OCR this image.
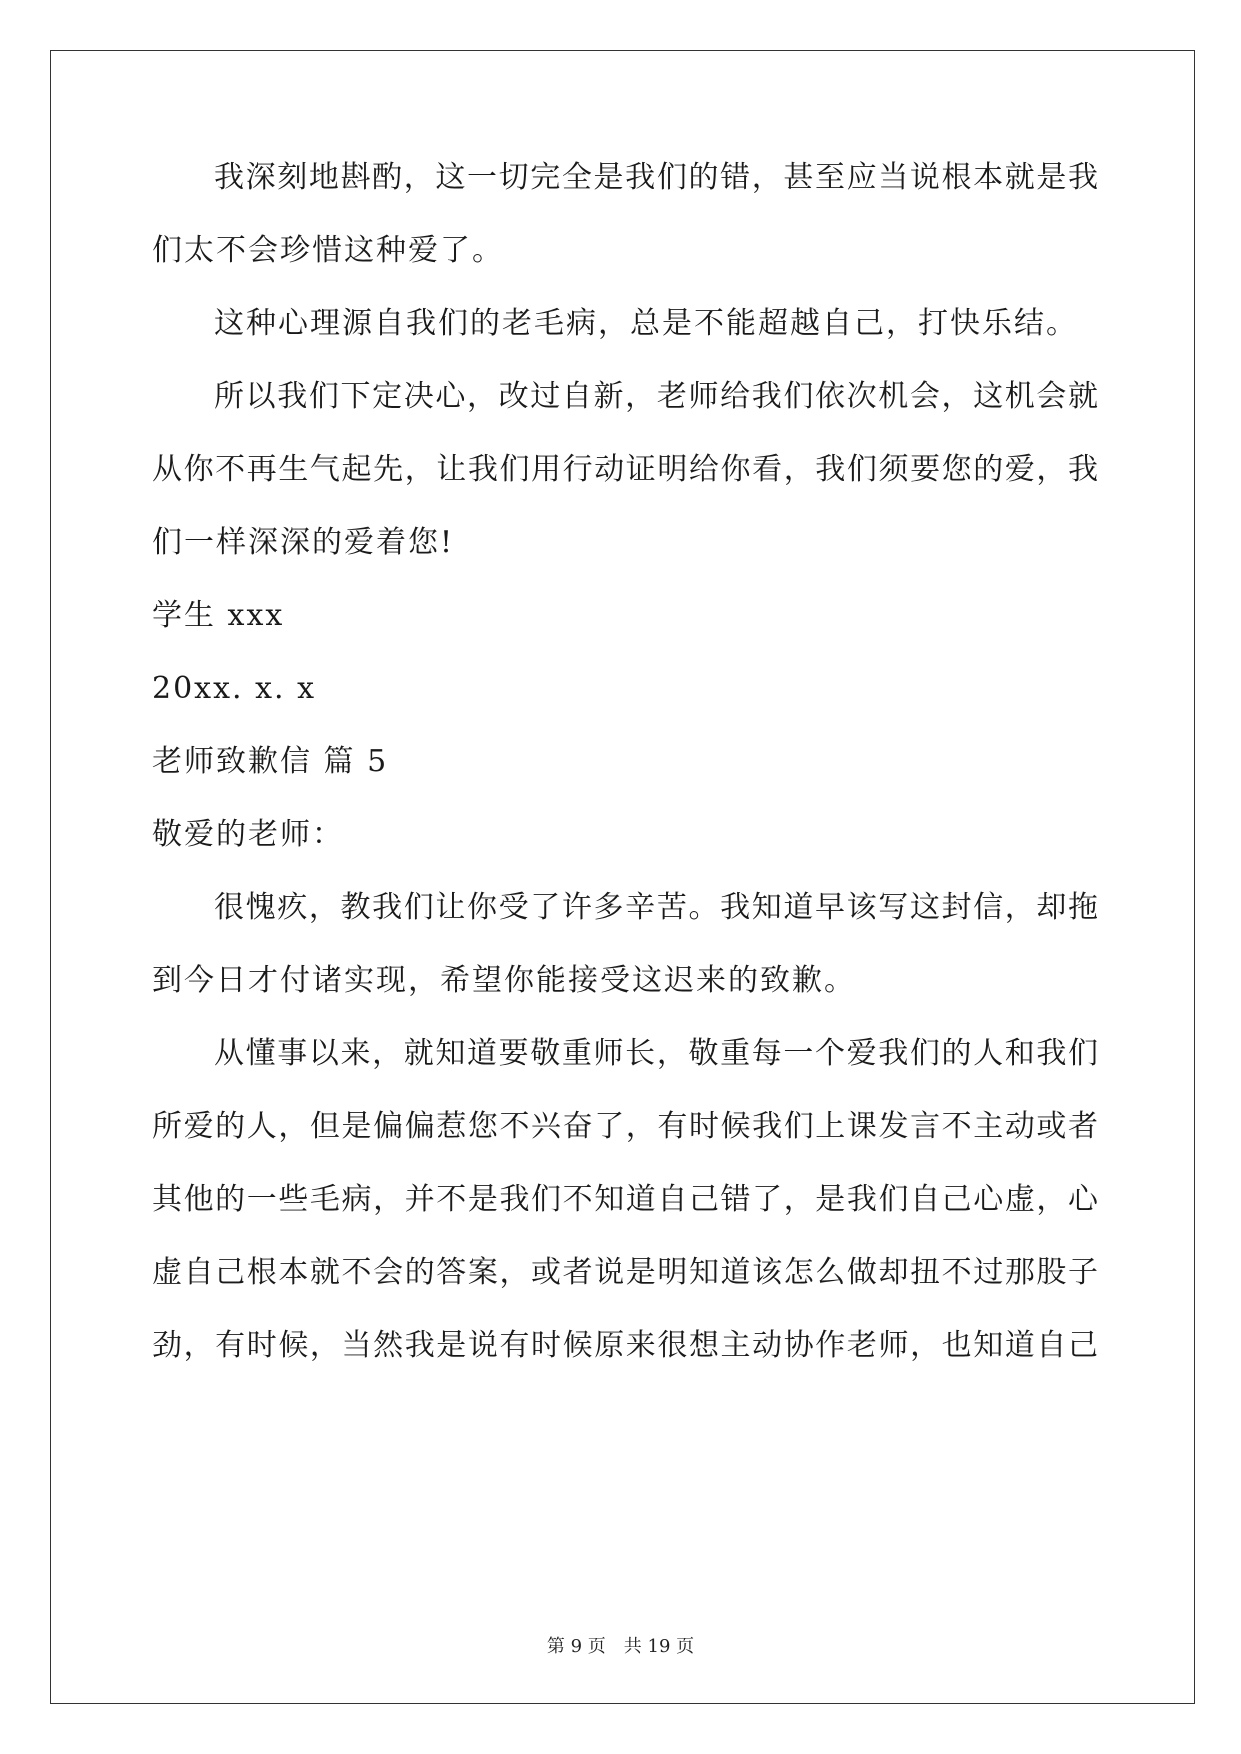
我深刻地斟酌，这一切完全是我们的错，甚至应当说根本就是我
们太不会珍惜这种爱了。
这种心理源自我们的老毛病，总是不能超越自己，打快乐结。
所以我们下定决心，改过自新，老师给我们依次机会，这机会就
从你不再生气起先，让我们用行动证明给你看，我们须要您的爱，我
们一样深深的爱着您!
学生 xxx
20xx. x. x
老师致歉信 篇 5
敬爱的老师：
很愧疚，教我们让你受了许多辛苦。我知道早该写这封信，却拖
到今日才付诸实现，希望你能接受这迟来的致歉。
从懂事以来，就知道要敬重师长，敬重每一个爱我们的人和我们
所爱的人，但是偏偏惹您不兴奋了，有时候我们上课发言不主动或者
其他的一些毛病，并不是我们不知道自己错了，是我们自己心虚，心
虚自己根本就不会的答案，或者说是明知道该怎么做却扭不过那股子
劲，有时候，当然我是说有时候原来很想主动协作老师，也知道自己
第 9 页 共 19 页
